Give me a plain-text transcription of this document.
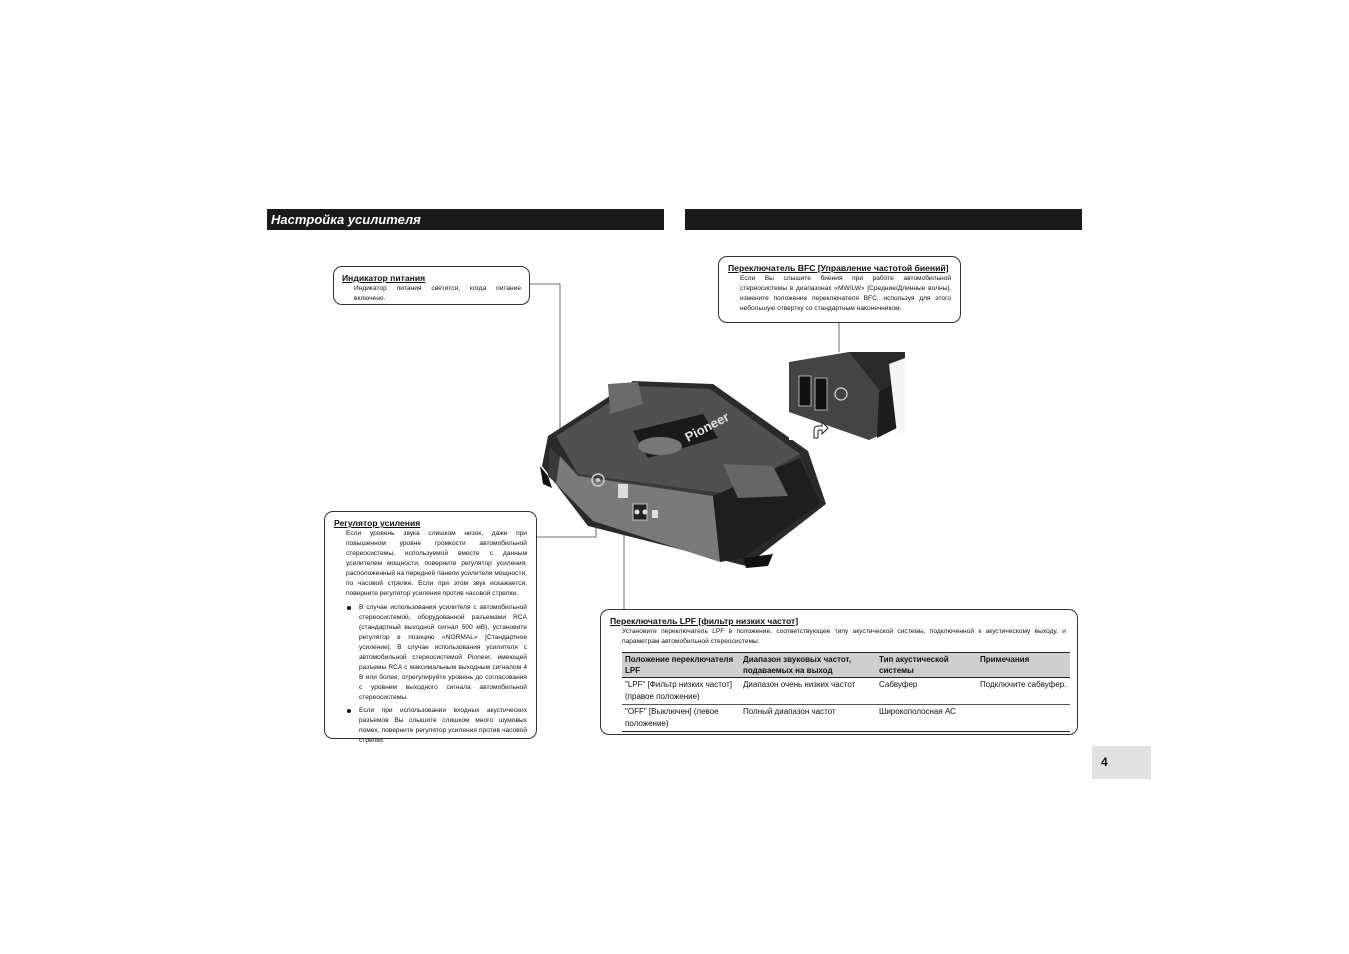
Настройка усилителя
Pioneer
Индикатор питания

Индикатор питания светится, когда питание включено.

Переключатель BFC [Управление частотой биений]

Если Вы слышите биения при работе автомобильной стереосистемы в диапазонах «MW/LW» [Средние/Длинные волны], измените положение переключателя BFC, используя для этого небольшую отвертку со стандартным наконечником.

Регулятор усиления

Если уровень звука слишком низок, даже при повышенном уровне громкости автомобильной стереосистемы, используемой вместе с данным усилителем мощности, поверните регулятор усиления, расположенный на передней панели усилителя мощности, по часовой стрелке. Если при этом звук искажается, поверните регулятор усиления против часовой стрелки.

В случае использования усилителя с автомобильной стереосистемой, оборудованной разъемами RCA (стандартный выходной сигнал 500 мВ), установите регулятор в позицию «NORMAL» [Стандартное усиление]. В случае использования усилителя с автомобильной стереосистемой Pioneer, имеющей разъемы RCA с максимальным выходным сигналом 4 В или более, отрегулируйте уровень до согласования с уровнем выходного сигнала автомобильной стереосистемы.
Если при использовании входных акустических разъемов Вы слышите слишком много шумовых помех, поверните регулятор усиления против часовой стрелки.
Переключатель LPF [фильтр низких частот]

Установите переключатель LPF в положение, соответствующее типу акустической системы, подключенной к акустическому выходу, и параметрам автомобильной стереосистемы:

Положение переключателя LPF	Диапазон звуковых частот, подаваемых на выход	Тип акустической системы	Примечания
"LPF" [Фильтр низких частот] (правое положение)	Диапазон очень низких частот	Сабвуфер	Подключите сабвуфер.
"OFF" [Выключен] (левое положение)	Полный диапазон частот	Широкополосная АС	
4
